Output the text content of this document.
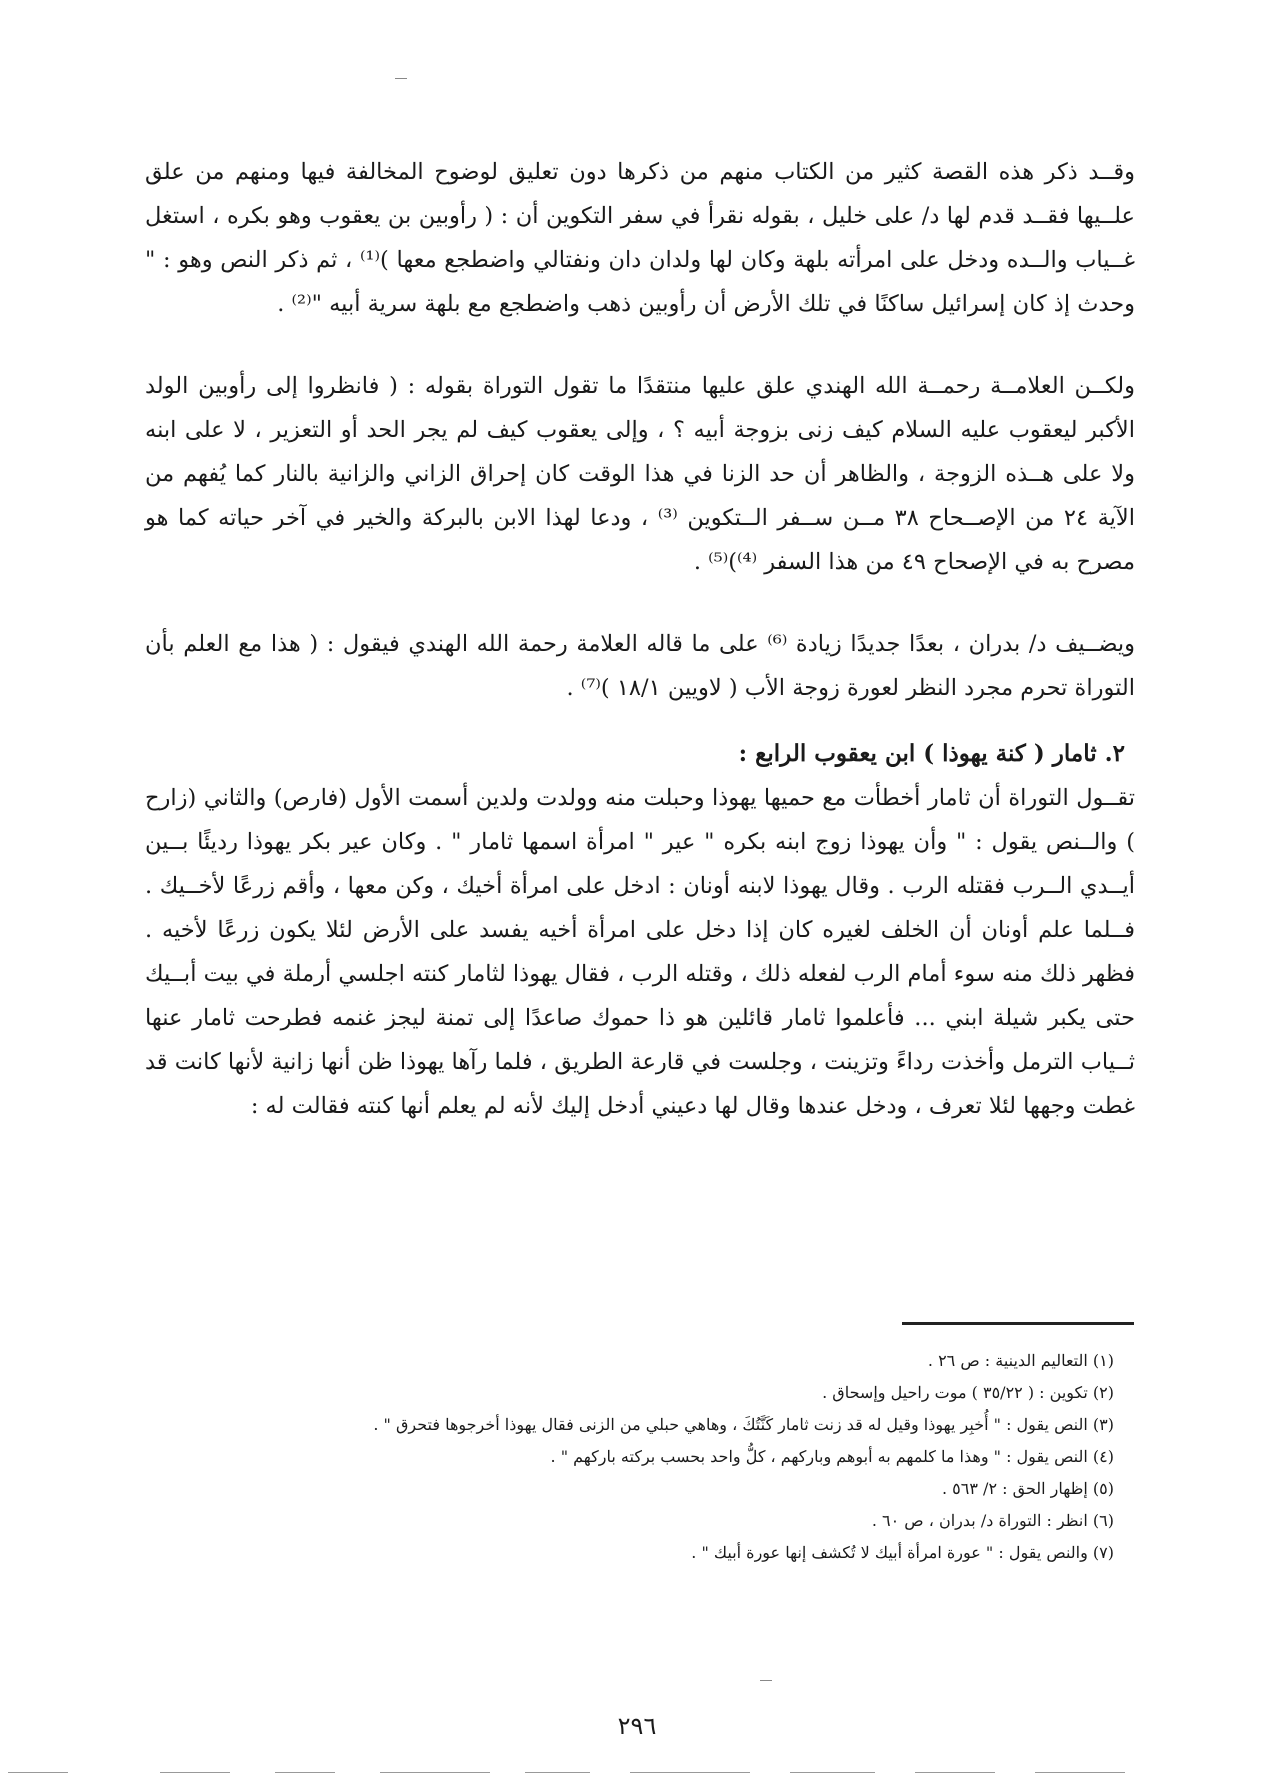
وقــد ذكر هذه القصة كثير من الكتاب منهم من ذكرها دون تعليق لوضوح المخالفة فيها ومنهم من علق علــيها فقــد قدم لها د/ على خليل ، بقوله نقرأ في سفر التكوين أن : ( رأوبين بن يعقوب وهو بكره ، استغل غــياب والــده ودخل على امرأته بلهة وكان لها ولدان دان ونفتالي واضطجع معها )⁽¹⁾ ، ثم ذكر النص وهو : " وحدث إذ كان إسرائيل ساكنًا في تلك الأرض أن رأوبين ذهب واضطجع مع بلهة سرية أبيه "⁽²⁾ .

ولكــن العلامــة رحمــة الله الهندي علق عليها منتقدًا ما تقول التوراة بقوله : ( فانظروا إلى رأوبين الولد الأكبر ليعقوب عليه السلام كيف زنى بزوجة أبيه ؟ ، وإلى يعقوب كيف لم يجر الحد أو التعزير ، لا على ابنه ولا على هــذه الزوجة ، والظاهر أن حد الزنا في هذا الوقت كان إحراق الزاني والزانية بالنار كما يُفهم من الآية ٢٤ من الإصــحاح ٣٨ مــن ســفر الــتكوين ⁽³⁾ ، ودعا لهذا الابن بالبركة والخير في آخر حياته كما هو مصرح به في الإصحاح ٤٩ من هذا السفر ⁽⁴⁾)⁽⁵⁾ .

ويضــيف د/ بدران ، بعدًا جديدًا زيادة ⁽⁶⁾ على ما قاله العلامة رحمة الله الهندي فيقول : ( هذا مع العلم بأن التوراة تحرم مجرد النظر لعورة زوجة الأب ( لاويين ١٨/١ )⁽⁷⁾ .

٢. ثامار ( كنة يهوذا ) ابن يعقوب الرابع :

تقــول التوراة أن ثامار أخطأت مع حميها يهوذا وحبلت منه وولدت ولدين أسمت الأول (فارص) والثاني (زارح ) والــنص يقول : " وأن يهوذا زوج ابنه بكره " عير " امرأة اسمها ثامار " . وكان عير بكر يهوذا رديئًا بــين أيــدي الــرب فقتله الرب . وقال يهوذا لابنه أونان : ادخل على امرأة أخيك ، وكن معها ، وأقم زرعًا لأخــيك . فــلما علم أونان أن الخلف لغيره كان إذا دخل على امرأة أخيه يفسد على الأرض لئلا يكون زرعًا لأخيه . فظهر ذلك منه سوء أمام الرب لفعله ذلك ، وقتله الرب ، فقال يهوذا لثامار كنته اجلسي أرملة في بيت أبــيك حتى يكبر شيلة ابني ... فأعلموا ثامار قائلين هو ذا حموك صاعدًا إلى تمنة ليجز غنمه فطرحت ثامار عنها ثــياب الترمل وأخذت رداءً وتزينت ، وجلست في قارعة الطريق ، فلما رآها يهوذا ظن أنها زانية لأنها كانت قد غطت وجهها لئلا تعرف ، ودخل عندها وقال لها دعيني أدخل إليك لأنه لم يعلم أنها كنته فقالت له :

(١) التعاليم الدينية : ص ٢٦ .

(٢) تكوين : ( ٣٥/٢٢ ) موت راحيل وإسحاق .

(٣) النص يقول : " أُخبِر يهوذا وقيل له قد زنت ثامار كَنَّتُكَ ، وهاهي حبلي من الزنى فقال يهوذا أخرجوها فتحرق " .

(٤) النص يقول : " وهذا ما كلمهم به أبوهم وباركهم ، كلُّ واحد بحسب بركته باركهم " .

(٥) إظهار الحق : ٢/ ٥٦٣ .

(٦) انظر : التوراة د/ بدران ، ص ٦٠ .

(٧) والنص يقول : " عورة امرأة أبيك لا تُكشف إنها عورة أبيك " .

٢٩٦
